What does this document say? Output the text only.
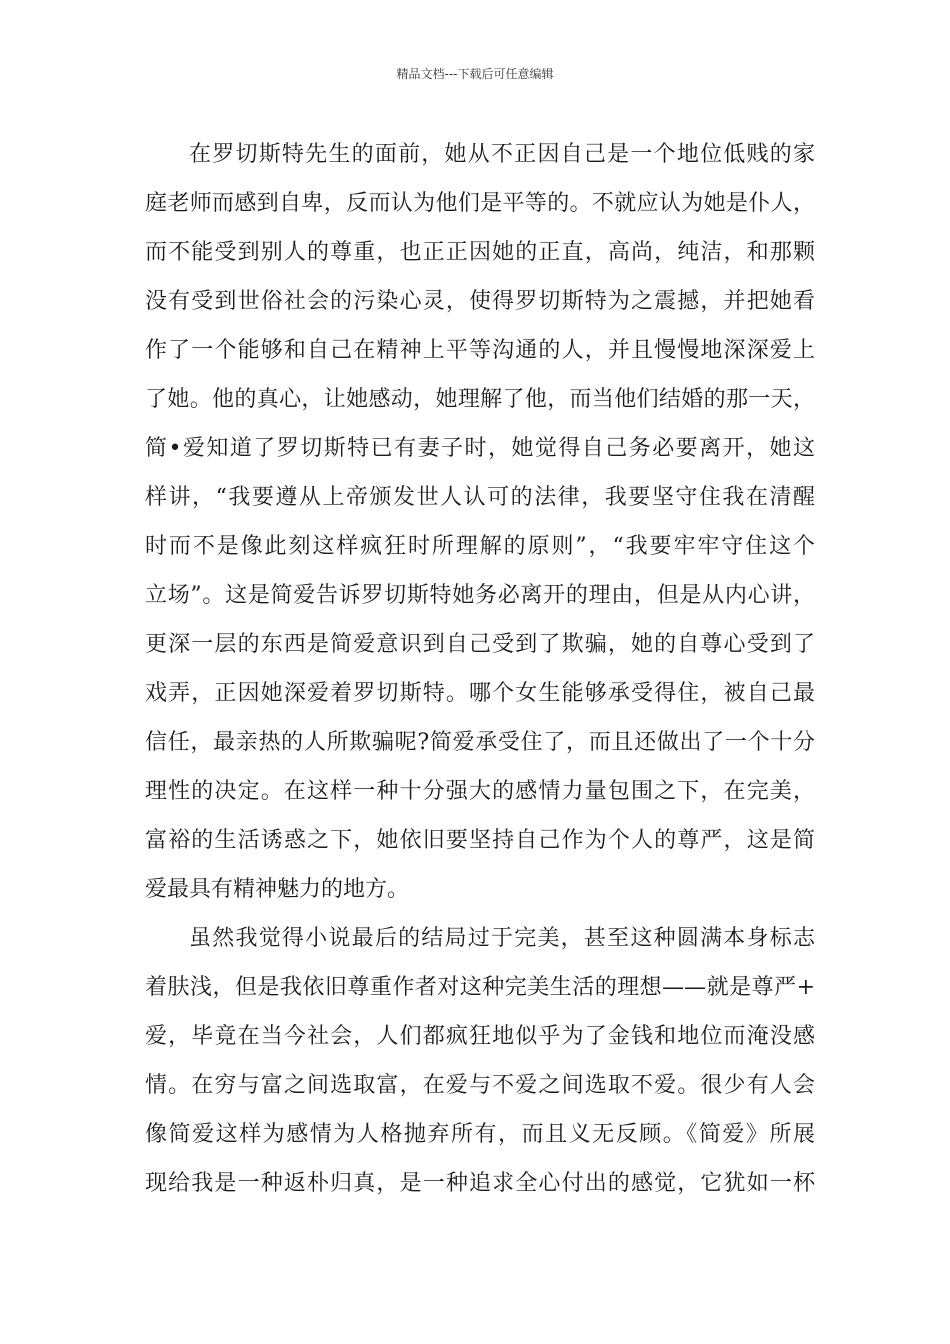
精品文档---下载后可任意编辑
在罗切斯特先生的面前，她从不正因自己是一个地位低贱的家
庭老师而感到自卑，反而认为他们是平等的。不就应认为她是仆人，
而不能受到别人的尊重，也正正因她的正直，高尚，纯洁，和那颗
没有受到世俗社会的污染心灵，使得罗切斯特为之震撼，并把她看
作了一个能够和自己在精神上平等沟通的人，并且慢慢地深深爱上
了她。他的真心，让她感动，她理解了他，而当他们结婚的那一天，
简•爱知道了罗切斯特已有妻子时，她觉得自己务必要离开，她这
样讲，“我要遵从上帝颁发世人认可的法律，我要坚守住我在清醒
时而不是像此刻这样疯狂时所理解的原则”，“我要牢牢守住这个
立场”。这是简爱告诉罗切斯特她务必离开的理由，但是从内心讲，
更深一层的东西是简爱意识到自己受到了欺骗，她的自尊心受到了
戏弄，正因她深爱着罗切斯特。哪个女生能够承受得住，被自己最
信任，最亲热的人所欺骗呢?简爱承受住了，而且还做出了一个十分
理性的决定。在这样一种十分强大的感情力量包围之下，在完美，
富裕的生活诱惑之下，她依旧要坚持自己作为个人的尊严，这是简
爱最具有精神魅力的地方。
虽然我觉得小说最后的结局过于完美，甚至这种圆满本身标志
着肤浅，但是我依旧尊重作者对这种完美生活的理想——就是尊严+
爱，毕竟在当今社会，人们都疯狂地似乎为了金钱和地位而淹没感
情。在穷与富之间选取富，在爱与不爱之间选取不爱。很少有人会
像简爱这样为感情为人格抛弃所有，而且义无反顾。《简爱》所展
现给我是一种返朴归真，是一种追求全心付出的感觉，它犹如一杯
